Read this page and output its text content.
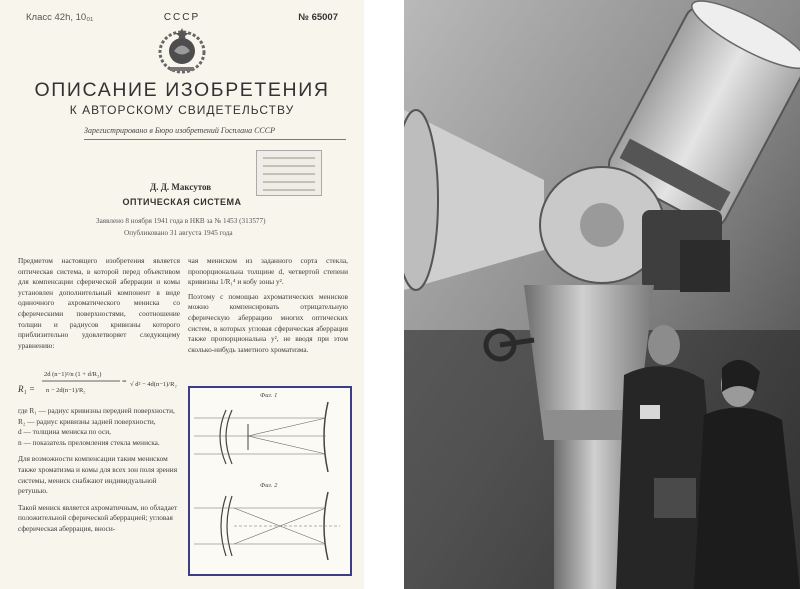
Класс 42h, 10₀₁	СССР	№ 65007
ОПИСАНИЕ ИЗОБРЕТЕНИЯ
К АВТОРСКОМУ СВИДЕТЕЛЬСТВУ
Зарегистрировано в Бюро изобретений Госплана СССР
Д. Д. Максутов
ОПТИЧЕСКАЯ СИСТЕМА
Заявлено 8 ноября 1941 года в НКВ за № 1453 (313577)
Опубликовано 31 августа 1945 года

Предметом настоящего изобретения является оптическая система, в которой перед объективом для компенсации сферической аберрации и комы установлен дополнительный компонент в виде одиночного ахроматического мениска со сферическими поверхностями, соотношение толщин и радиусов кривизны которого приблизительно удовлетворяет следующему уравнению:

R₁ =
2d (n−1)²/n (1 + d/R₂)
n − 2d(n−1)/R₂
= √ d² − 4d(n−1)/R₂

где R₁ — радиус кривизны передней поверхности,

R₂ — радиус кривизны задней поверхности,

d — толщина мениска по оси,

n — показатель преломления стекла мениска.

Для возможности компенсации таким мениском также хроматизма и комы для всех зон поля зрения системы, мениск снабжают индивидуальной ретушью.

Такой мениск является ахроматичным, но обладает положительной сферической аберрацией; угловая сферическая аберрация, вноси-

чая мениском из заданного сорта стекла, пропорциональна толщине d, четвертой степени кривизны 1/R₁⁴ и кобу зоны y².

Поэтому с помощью ахроматических менисков можно компенсировать отрицательную сферическую аберрацию многих оптических систем, в которых угловая сферическая аберрация также пропорциональна y², не вводя при этом сколько-нибудь заметного хроматизма.

Фиг. 1
Фиг. 2
